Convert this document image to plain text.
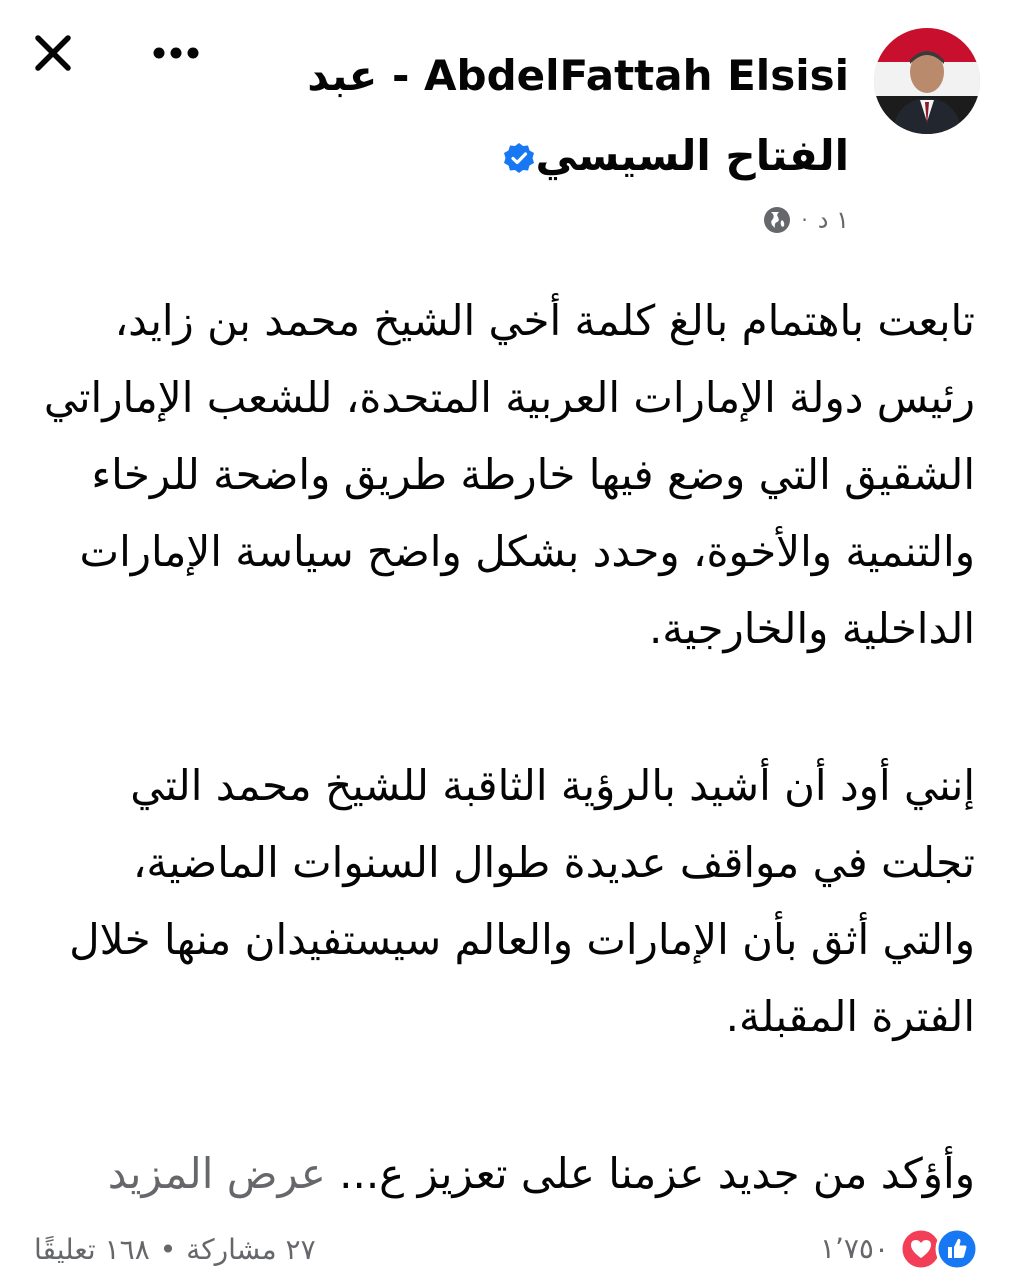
AbdelFattah Elsisi - عبد الفتاح السيسي
١ د
·

تابعت باهتمام بالغ كلمة أخي الشيخ محمد بن زايد، رئيس دولة الإمارات العربية المتحدة، للشعب الإماراتي الشقيق التي وضع فيها خارطة طريق واضحة للرخاء والتنمية والأخوة، وحدد بشكل واضح سياسة الإمارات الداخلية والخارجية.

إنني أود أن أشيد بالرؤية الثاقبة للشيخ محمد التي تجلت في مواقف عديدة طوال السنوات الماضية، والتي أثق بأن الإمارات والعالم سيستفيدان منها خلال الفترة المقبلة.

وأؤكد من جديد عزمنا على تعزيز ع... عرض المزيد

١٬٧٥٠
١٦٨ تعليقًا • ٢٧ مشاركة
